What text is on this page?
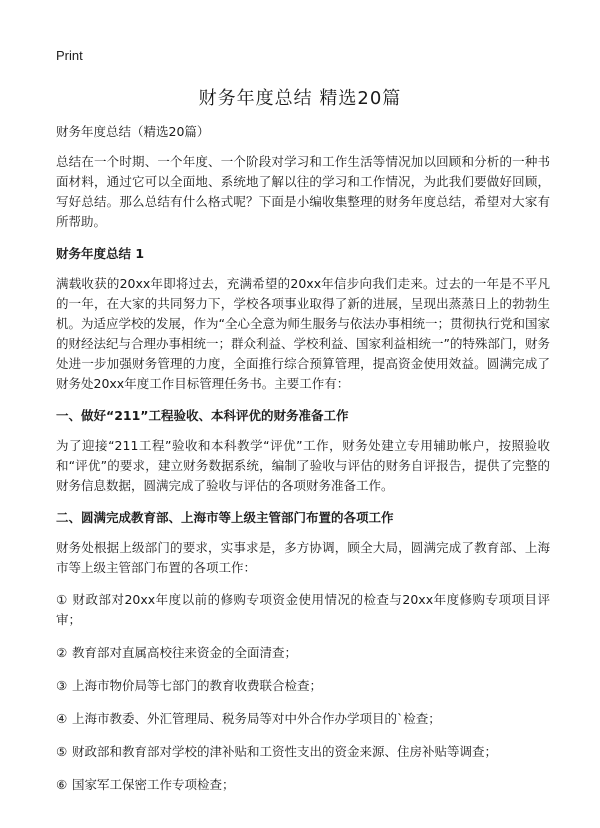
Print
财务年度总结 精选20篇

财务年度总结（精选20篇）

总结在一个时期、一个年度、一个阶段对学习和工作生活等情况加以回顾和分析的一种书面材料，通过它可以全面地、系统地了解以往的学习和工作情况，为此我们要做好回顾，写好总结。那么总结有什么格式呢？下面是小编收集整理的财务年度总结，希望对大家有所帮助。

财务年度总结 1

满载收获的20xx年即将过去，充满希望的20xx年信步向我们走来。过去的一年是不平凡的一年，在大家的共同努力下，学校各项事业取得了新的进展，呈现出蒸蒸日上的勃勃生机。为适应学校的发展，作为“全心全意为师生服务与依法办事相统一；贯彻执行党和国家的财经法纪与合理办事相统一；群众利益、学校利益、国家利益相统一”的特殊部门，财务处进一步加强财务管理的力度，全面推行综合预算管理，提高资金使用效益。圆满完成了财务处20xx年度工作目标管理任务书。主要工作有：

一、做好“211”工程验收、本科评优的财务准备工作

为了迎接“211工程”验收和本科教学“评优”工作，财务处建立专用辅助帐户，按照验收和“评优”的要求，建立财务数据系统，编制了验收与评估的财务自评报告，提供了完整的财务信息数据，圆满完成了验收与评估的各项财务准备工作。

二、圆满完成教育部、上海市等上级主管部门布置的各项工作

财务处根据上级部门的要求，实事求是，多方协调，顾全大局，圆满完成了教育部、上海市等上级主管部门布置的各项工作：

① 财政部对20xx年度以前的修购专项资金使用情况的检查与20xx年度修购专项项目评审；

② 教育部对直属高校往来资金的全面清查；

③ 上海市物价局等七部门的教育收费联合检查；

④ 上海市教委、外汇管理局、税务局等对中外合作办学项目的`检查；

⑤ 财政部和教育部对学校的津补贴和工资性支出的资金来源、住房补贴等调查；

⑥ 国家军工保密工作专项检查；
